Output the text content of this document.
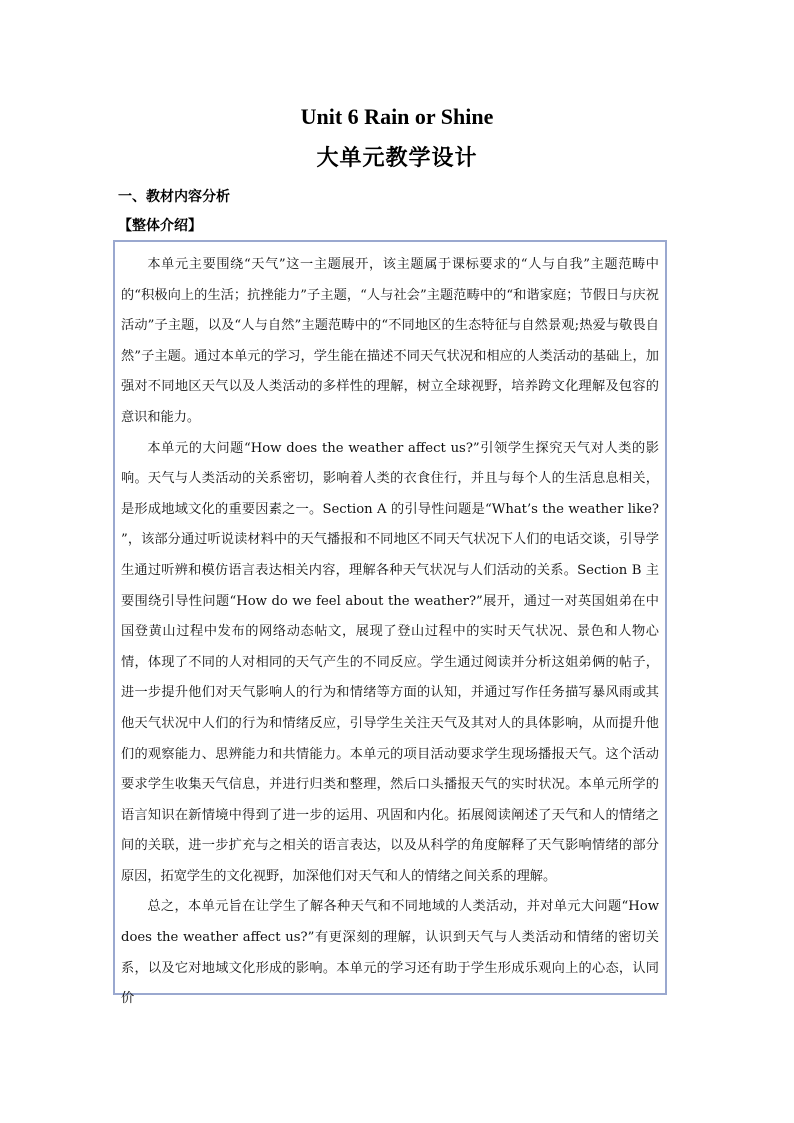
Unit 6 Rain or Shine
大单元教学设计
一、教材内容分析
【整体介绍】

本单元主要围绕“天气”这一主题展开，该主题属于课标要求的“人与自我”主题范畴中的“积极向上的生活；抗挫能力”子主题，“人与社会”主题范畴中的“和谐家庭；节假日与庆祝活动”子主题，以及“人与自然”主题范畴中的“不同地区的生态特征与自然景观;热爱与敬畏自然”子主题。通过本单元的学习，学生能在描述不同天气状况和相应的人类活动的基础上，加强对不同地区天气以及人类活动的多样性的理解，树立全球视野，培养跨文化理解及包容的意识和能力。

本单元的大问题“How does the weather affect us?”引领学生探究天气对人类的影响。天气与人类活动的关系密切，影响着人类的衣食住行，并且与每个人的生活息息相关，是形成地域文化的重要因素之一。Section A 的引导性问题是“What’s the weather like? ”，该部分通过听说读材料中的天气播报和不同地区不同天气状况下人们的电话交谈，引导学生通过听辨和模仿语言表达相关内容，理解各种天气状况与人们活动的关系。Section B 主要围绕引导性问题“How do we feel about the weather?”展开，通过一对英国姐弟在中国登黄山过程中发布的网络动态帖文，展现了登山过程中的实时天气状况、景色和人物心情，体现了不同的人对相同的天气产生的不同反应。学生通过阅读并分析这姐弟俩的帖子，进一步提升他们对天气影响人的行为和情绪等方面的认知，并通过写作任务描写暴风雨或其他天气状况中人们的行为和情绪反应，引导学生关注天气及其对人的具体影响，从而提升他们的观察能力、思辨能力和共情能力。本单元的项目活动要求学生现场播报天气。这个活动要求学生收集天气信息，并进行归类和整理，然后口头播报天气的实时状况。本单元所学的语言知识在新情境中得到了进一步的运用、巩固和内化。拓展阅读阐述了天气和人的情绪之间的关联，进一步扩充与之相关的语言表达，以及从科学的角度解释了天气影响情绪的部分原因，拓宽学生的文化视野，加深他们对天气和人的情绪之间关系的理解。

总之，本单元旨在让学生了解各种天气和不同地域的人类活动，并对单元大问题“How does the weather affect us?”有更深刻的理解，认识到天气与人类活动和情绪的密切关系，以及它对地域文化形成的影响。本单元的学习还有助于学生形成乐观向上的心态，认同价
